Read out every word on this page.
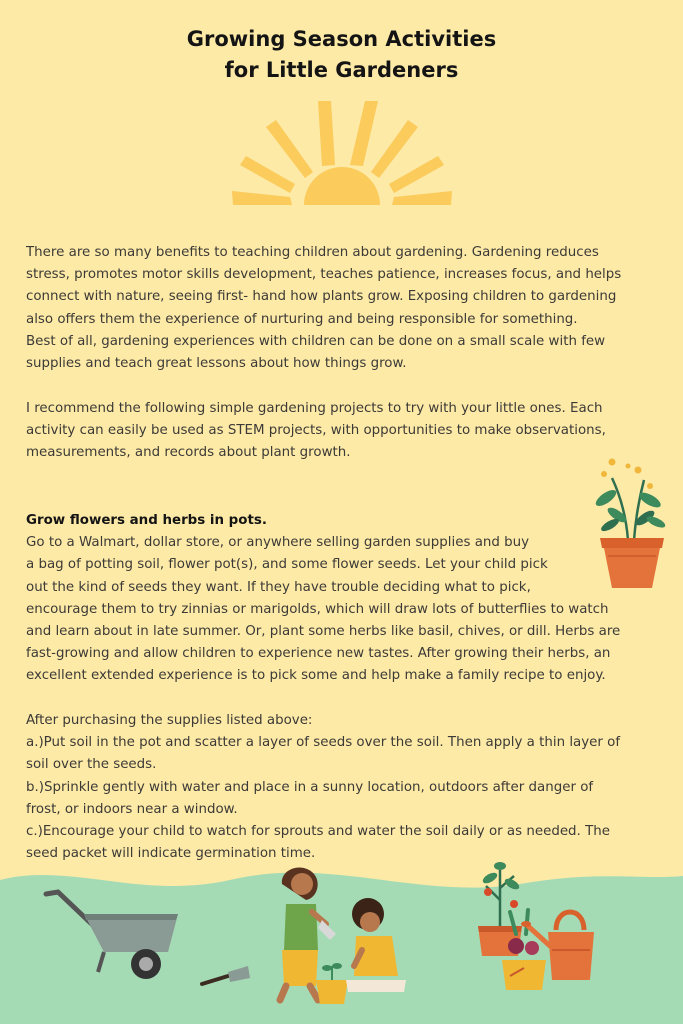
Growing Season Activities
for Little Gardeners

There are so many benefits to teaching children about gardening. Gardening reduces

stress, promotes motor skills development, teaches patience, increases focus, and helps

connect with nature, seeing first- hand how plants grow. Exposing children to gardening

also offers them the experience of nurturing and being responsible for something.

Best of all, gardening experiences with children can be done on a small scale with few

supplies and teach great lessons about how things grow.

I recommend the following simple gardening projects to try with your little ones. Each

activity can easily be used as STEM projects, with opportunities to make observations,

measurements, and records about plant growth.

Grow flowers and herbs in pots.

Go to a Walmart, dollar store, or anywhere selling garden supplies and buy

a bag of potting soil, flower pot(s), and some flower seeds. Let your child pick

out the kind of seeds they want. If they have trouble deciding what to pick,

encourage them to try zinnias or marigolds, which will draw lots of butterflies to watch

and learn about in late summer. Or, plant some herbs like basil, chives, or dill. Herbs are

fast-growing and allow children to experience new tastes. After growing their herbs, an

excellent extended experience is to pick some and help make a family recipe to enjoy.

After purchasing the supplies listed above:

a.)Put soil in the pot and scatter a layer of seeds over the soil. Then apply a thin layer of

soil over the seeds.

b.)Sprinkle gently with water and place in a sunny location, outdoors after danger of

frost, or indoors near a window.

c.)Encourage your child to watch for sprouts and water the soil daily or as needed. The

seed packet will indicate germination time.
